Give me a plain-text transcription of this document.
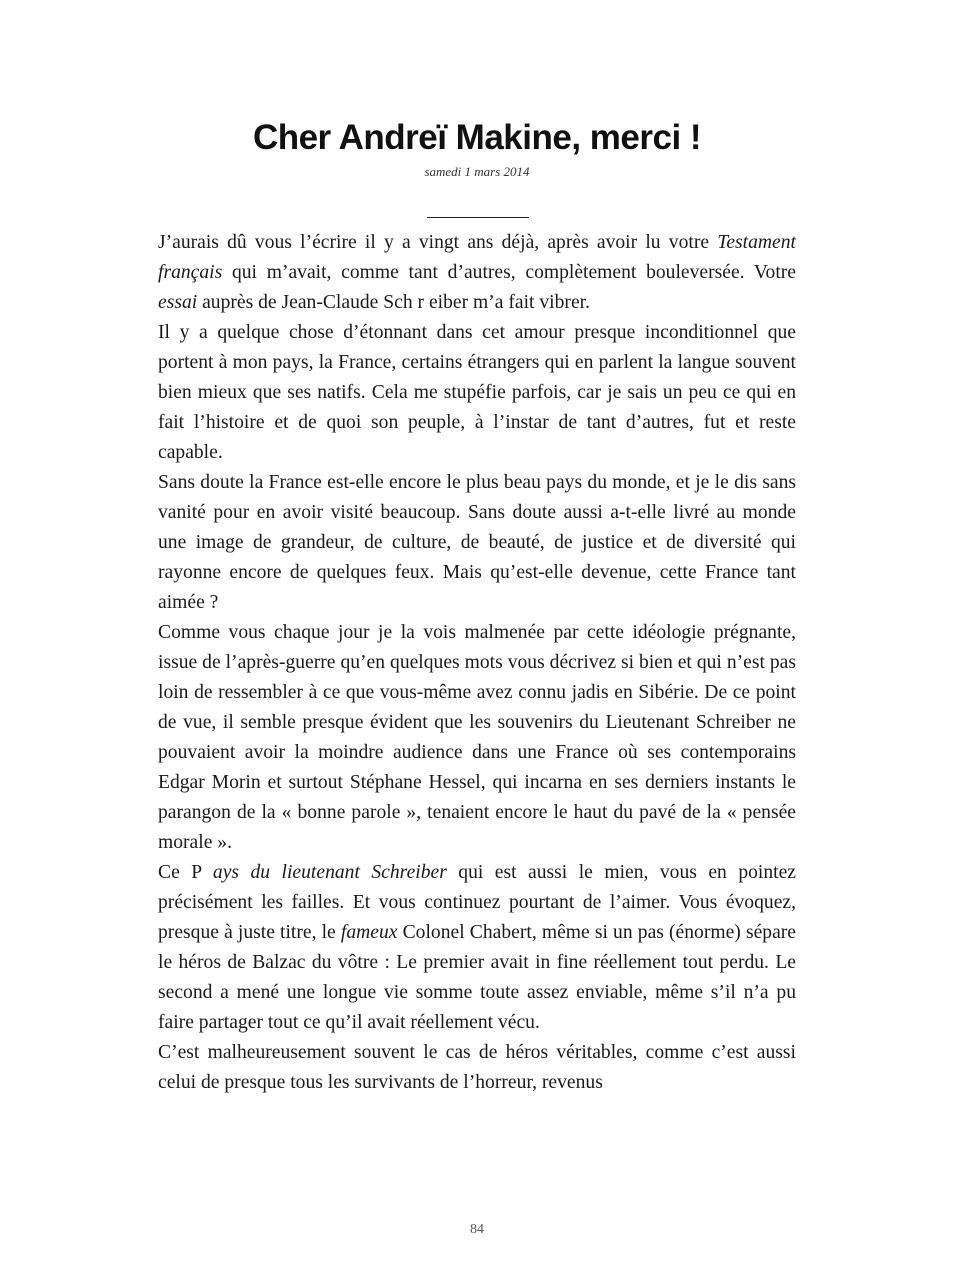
Cher Andreï Makine, merci !
samedi 1 mars 2014

J’aurais dû vous l’écrire il y a vingt ans déjà, après avoir lu votre Testament français qui m’avait, comme tant d’autres, complètement bouleversée. Votre essai auprès de Jean-Claude Sch r eiber m’a fait vibrer.

Il y a quelque chose d’étonnant dans cet amour presque inconditionnel que portent à mon pays, la France, certains étrangers qui en parlent la langue souvent bien mieux que ses natifs. Cela me stupéfie parfois, car je sais un peu ce qui en fait l’histoire et de quoi son peuple, à l’instar de tant d’autres, fut et reste capable.

Sans doute la France est-elle encore le plus beau pays du monde, et je le dis sans vanité pour en avoir visité beaucoup. Sans doute aussi a-t-elle livré au monde une image de grandeur, de culture, de beauté, de justice et de diversité qui rayonne encore de quelques feux. Mais qu’est-elle devenue, cette France tant aimée ?

Comme vous chaque jour je la vois malmenée par cette idéologie prégnante, issue de l’après-guerre qu’en quelques mots vous décrivez si bien et qui n’est pas loin de ressembler à ce que vous-même avez connu jadis en Sibérie. De ce point de vue, il semble presque évident que les souvenirs du Lieutenant Schreiber ne pouvaient avoir la moindre audience dans une France où ses contemporains Edgar Morin et surtout Stéphane Hessel, qui incarna en ses derniers instants le parangon de la « bonne parole », tenaient encore le haut du pavé de la « pensée morale ».

Ce P ays du lieutenant Schreiber qui est aussi le mien, vous en pointez précisément les failles. Et vous continuez pourtant de l’aimer. Vous évoquez, presque à juste titre, le fameux Colonel Chabert, même si un pas (énorme) sépare le héros de Balzac du vôtre : Le premier avait in fine réellement tout perdu. Le second a mené une longue vie somme toute assez enviable, même s’il n’a pu faire partager tout ce qu’il avait réellement vécu.

C’est malheureusement souvent le cas de héros véritables, comme c’est aussi celui de presque tous les survivants de l’horreur, revenus

84
